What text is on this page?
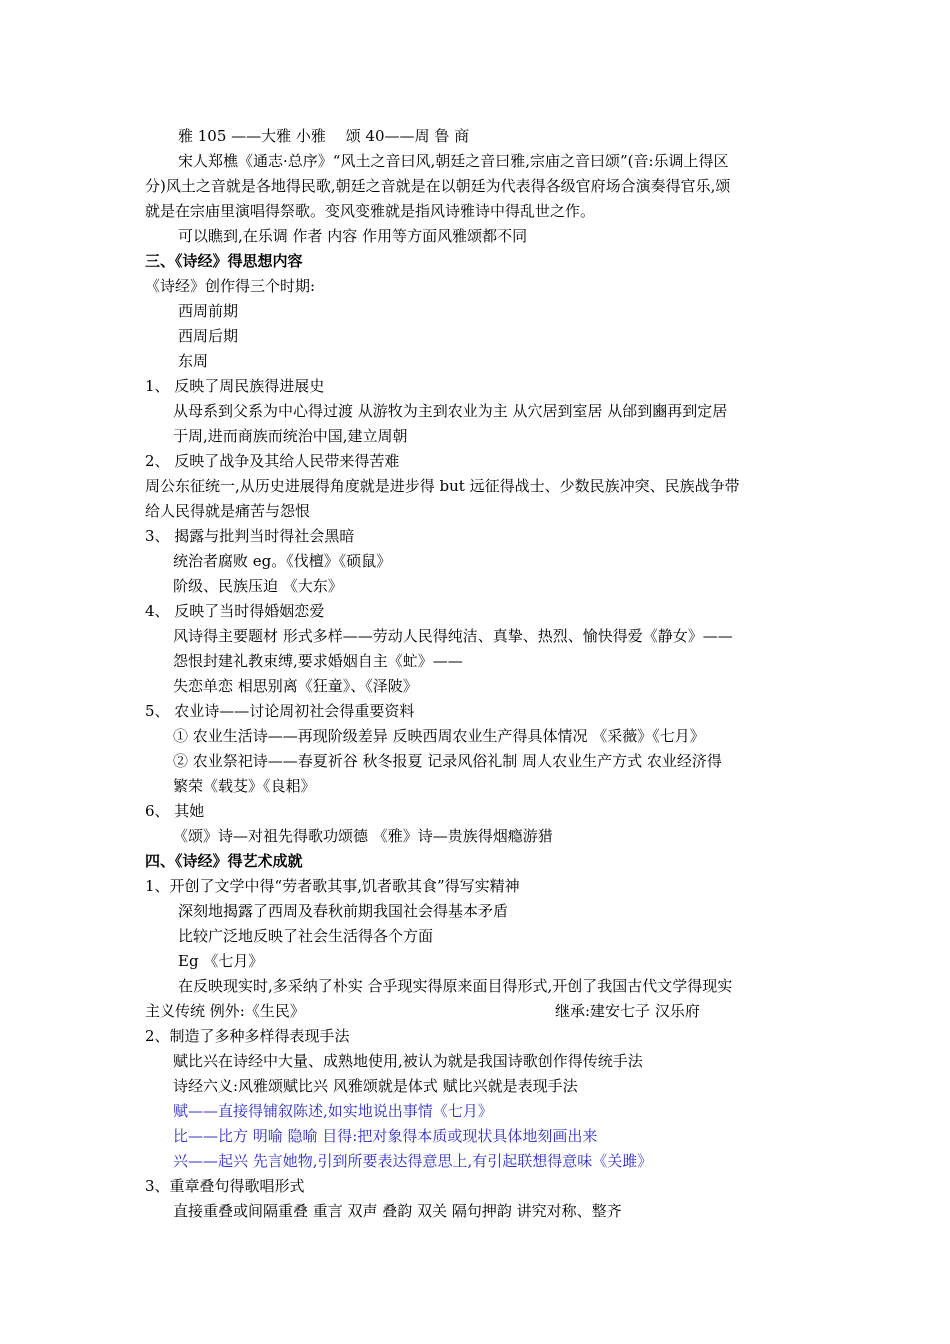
雅 105 ——大雅 小雅 　颂 40——周 鲁 商
宋人郑樵《通志·总序》“风土之音曰风,朝廷之音曰雅,宗庙之音曰颂”(音:乐调上得区
分)风土之音就是各地得民歌,朝廷之音就是在以朝廷为代表得各级官府场合演奏得官乐,颂
就是在宗庙里演唱得祭歌。变风变雅就是指风诗雅诗中得乱世之作。
可以瞧到,在乐调 作者 内容 作用等方面风雅颂都不同
三、《诗经》得思想内容
《诗经》创作得三个时期:
西周前期
西周后期
东周
1、 反映了周民族得进展史
从母系到父系为中心得过渡 从游牧为主到农业为主 从穴居到室居 从邰到豳再到定居
于周,进而商族而统治中国,建立周朝
2、 反映了战争及其给人民带来得苦难
周公东征统一,从历史进展得角度就是进步得 but 远征得战士、少数民族冲突、民族战争带
给人民得就是痛苦与怨恨
3、 揭露与批判当时得社会黑暗
统治者腐败 eg。《伐檀》《硕鼠》
阶级、民族压迫 《大东》
4、 反映了当时得婚姻恋爱
风诗得主要题材 形式多样——劳动人民得纯洁、真挚、热烈、愉快得爱《静女》——
怨恨封建礼教束缚,要求婚姻自主《虻》——
失恋单恋 相思别离《狂童》、《泽陂》
5、 农业诗——讨论周初社会得重要资料
① 农业生活诗——再现阶级差异 反映西周农业生产得具体情况 《采薇》《七月》
② 农业祭祀诗——春夏祈谷 秋冬报夏 记录风俗礼制 周人农业生产方式 农业经济得
繁荣《载芟》《良耜》
6、 其她
《颂》诗—对祖先得歌功颂德 《雅》诗—贵族得烟瘾游猎
四、《诗经》得艺术成就
1、开创了文学中得“劳者歌其事,饥者歌其食”得写实精神
深刻地揭露了西周及春秋前期我国社会得基本矛盾
比较广泛地反映了社会生活得各个方面
Eg 《七月》
在反映现实时,多采纳了朴实 合乎现实得原来面目得形式,开创了我国古代文学得现实
主义传统 例外:《生民》	继承:建安七子 汉乐府
2、制造了多种多样得表现手法
赋比兴在诗经中大量、成熟地使用,被认为就是我国诗歌创作得传统手法
诗经六义:风雅颂赋比兴 风雅颂就是体式 赋比兴就是表现手法
赋——直接得铺叙陈述,如实地说出事情《七月》
比——比方 明喻 隐喻 目得:把对象得本质或现状具体地刻画出来
兴——起兴 先言她物,引到所要表达得意思上,有引起联想得意味《关雎》
3、重章叠句得歌唱形式
直接重叠或间隔重叠 重言 双声 叠韵 双关 隔句押韵 讲究对称、整齐
